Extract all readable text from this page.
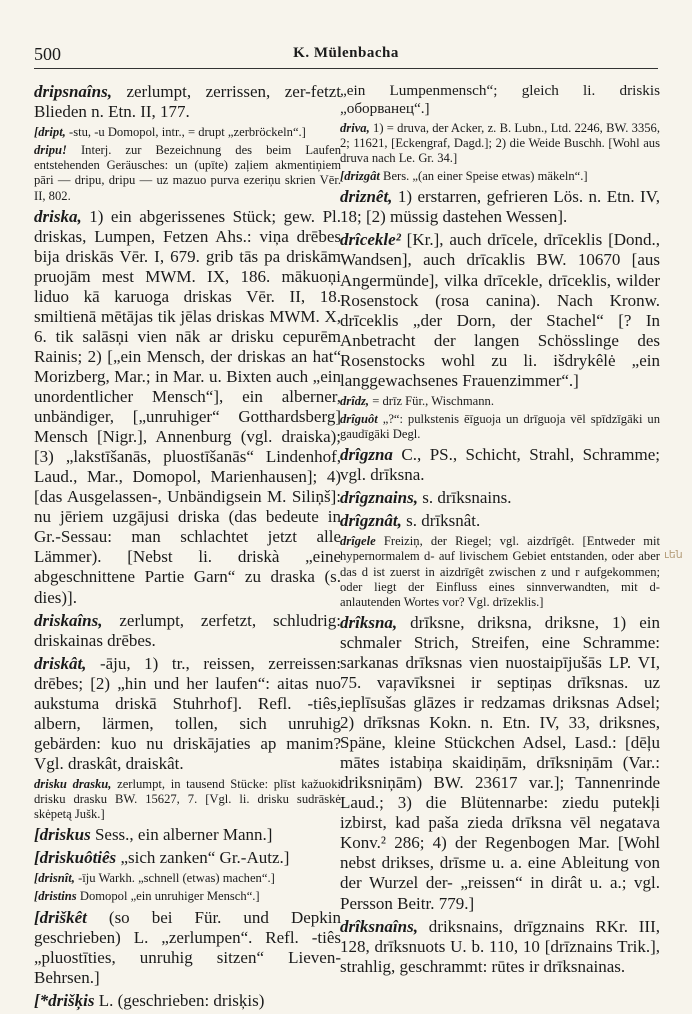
500	K. Mülenbacha

dripsnaîns, zerlumpt, zerrissen, zer-fetzt Blieden n. Etn. II, 177.

[dript, -stu, -u Domopol, intr., = drupt „zerbröckeln“.]

dripu! Interj. zur Bezeichnung des beim Laufen entstehenden Geräusches: un (upīte) zaļiem akmentiņiem pāri — dripu, dripu — uz mazuo purva ezeriņu skrien Vēr. II, 802.

driska, 1) ein abgerissenes Stück; gew. Pl. driskas, Lumpen, Fetzen Ahs.: viņa drēbes bija driskās Vēr. I, 679. grib tās pa driskām pruojām mest MWM. IX, 186. mākuoņi liduo kā karuoga driskas Vēr. II, 18. smiltienā mētājas tik jēlas driskas MWM. X, 6. tik salāsņi vien nāk ar drisku cepurēm Rainis; 2) [„ein Mensch, der driskas an hat“ Morizberg, Mar.; in Mar. u. Bixten auch „ein unordentlicher Mensch“], ein alberner, unbändiger, [„unruhiger“ Gotthardsberg] Mensch [Nigr.], Annenburg (vgl. draiska); [3) „lakstīšanās, pluostīšanās“ Lindenhof, Laud., Mar., Domopol, Marienhausen]; 4) [das Ausgelassen-, Unbändigsein M. Siliņš]: nu jēriem uzgājusi driska (das bedeute in Gr.-Sessau: man schlachtet jetzt alle Lämmer). [Nebst li. driskà „eine abgeschnittene Partie Garn“ zu draska (s. dies)].

driskaîns, zerlumpt, zerfetzt, schludrig: driskainas drēbes.

driskât, -āju, 1) tr., reissen, zerreissen: drēbes; [2) „hin und her laufen“: aitas nuo aukstuma driskā Stuhrhof]. Refl. -tiês, albern, lärmen, tollen, sich unruhig gebärden: kuo nu driskājaties ap manim? Vgl. draskât, draiskât.

drisku drasku, zerlumpt, in tausend Stücke: plīst kažuoki drisku drasku BW. 15627, 7. [Vgl. li. drisku sudrāskė skėpetą Jušk.]

[driskus Sess., ein alberner Mann.]

[driskuôtiês „sich zanken“ Gr.-Autz.]

[drisnît, -īju Warkh. „schnell (etwas) machen“.]

[dristins Domopol „ein unruhiger Mensch“.]

[driškêt (so bei Für. und Depkin geschrieben) L. „zerlumpen“. Refl. -tiês „pluostīties, unruhig sitzen“ Lieven-Behrsen.]

[*drišķis L. (geschrieben: drisķis)

„ein Lumpenmensch“; gleich li. driskis „оборванец“.]

driva, 1) = druva, der Acker, z. B. Lubn., Ltd. 2246, BW. 3356, 2; 11621, [Eckengraf, Dagd.]; 2) die Weide Buschh. [Wohl aus druva nach Le. Gr. 34.]

[drizgât Bers. „(an einer Speise etwas) mäkeln“.]

driznêt, 1) erstarren, gefrieren Lös. n. Etn. IV, 18; [2) müssig dastehen Wessen].

drîcekle² [Kr.], auch drīcele, drīceklis [Dond., Wandsen], auch drīcaklis BW. 10670 [aus Angermünde], vilka drīcekle, drīceklis, wilder Rosenstock (rosa canina). Nach Kronw. drīceklis „der Dorn, der Stachel“ [? In Anbetracht der langen Schösslinge des Rosenstocks wohl zu li. išdrykêlė „ein langgewachsenes Frauenzimmer“.]

drîdz, = drīz Für., Wischmann.

drîguôt „?“: pulkstenis ēīguoja un drīguoja vēl spīdzīgāki un gaudīgāki Degl.

drîgzna C., PS., Schicht, Strahl, Schramme; vgl. drīksna.

drîgznains, s. drīksnains.

drîgznât, s. drīksnât.

drîgele Freiziņ, der Riegel; vgl. aizdrīgêt. [Entweder mit hypernormalem d- auf livischem Gebiet entstanden, oder aber das d ist zuerst in aizdrīgêt zwischen z und r aufgekommen; oder liegt der Einfluss eines sinnverwandten, mit d- anlautenden Wortes vor? Vgl. drīzeklis.]

drîksna, drīksne, driksna, driksne, 1) ein schmaler Strich, Streifen, eine Schramme: sarkanas drīksnas vien nuostaipījušās LP. VI, 75. vaŗavīksnei ir septiņas drīksnas. uz ieplīsušas glāzes ir redzamas driksnas Adsel; 2) drīksnas Kokn. n. Etn. IV, 33, driksnes, Späne, kleine Stückchen Adsel, Lasd.: [dēļu mātes istabiņa skaidiņām, drīksniņām (Var.: driksniņām) BW. 23617 var.]; Tannenrinde Laud.; 3) die Blütennarbe: ziedu putekļi izbirst, kad paša zieda drīksna vēl negatava Konv.² 286; 4) der Regenbogen Mar. [Wohl nebst drikses, drīsme u. a. eine Ableitung von der Wurzel der- „reissen“ in dirât u. a.; vgl. Persson Beitr. 779.]

drîksnaîns, driksnains, drīgznains RKr. III, 128, drīksnuots U. b. 110, 10 [drīznains Trik.], strahlig, geschrammt: rūtes ir drīksnainas.

ւեն
